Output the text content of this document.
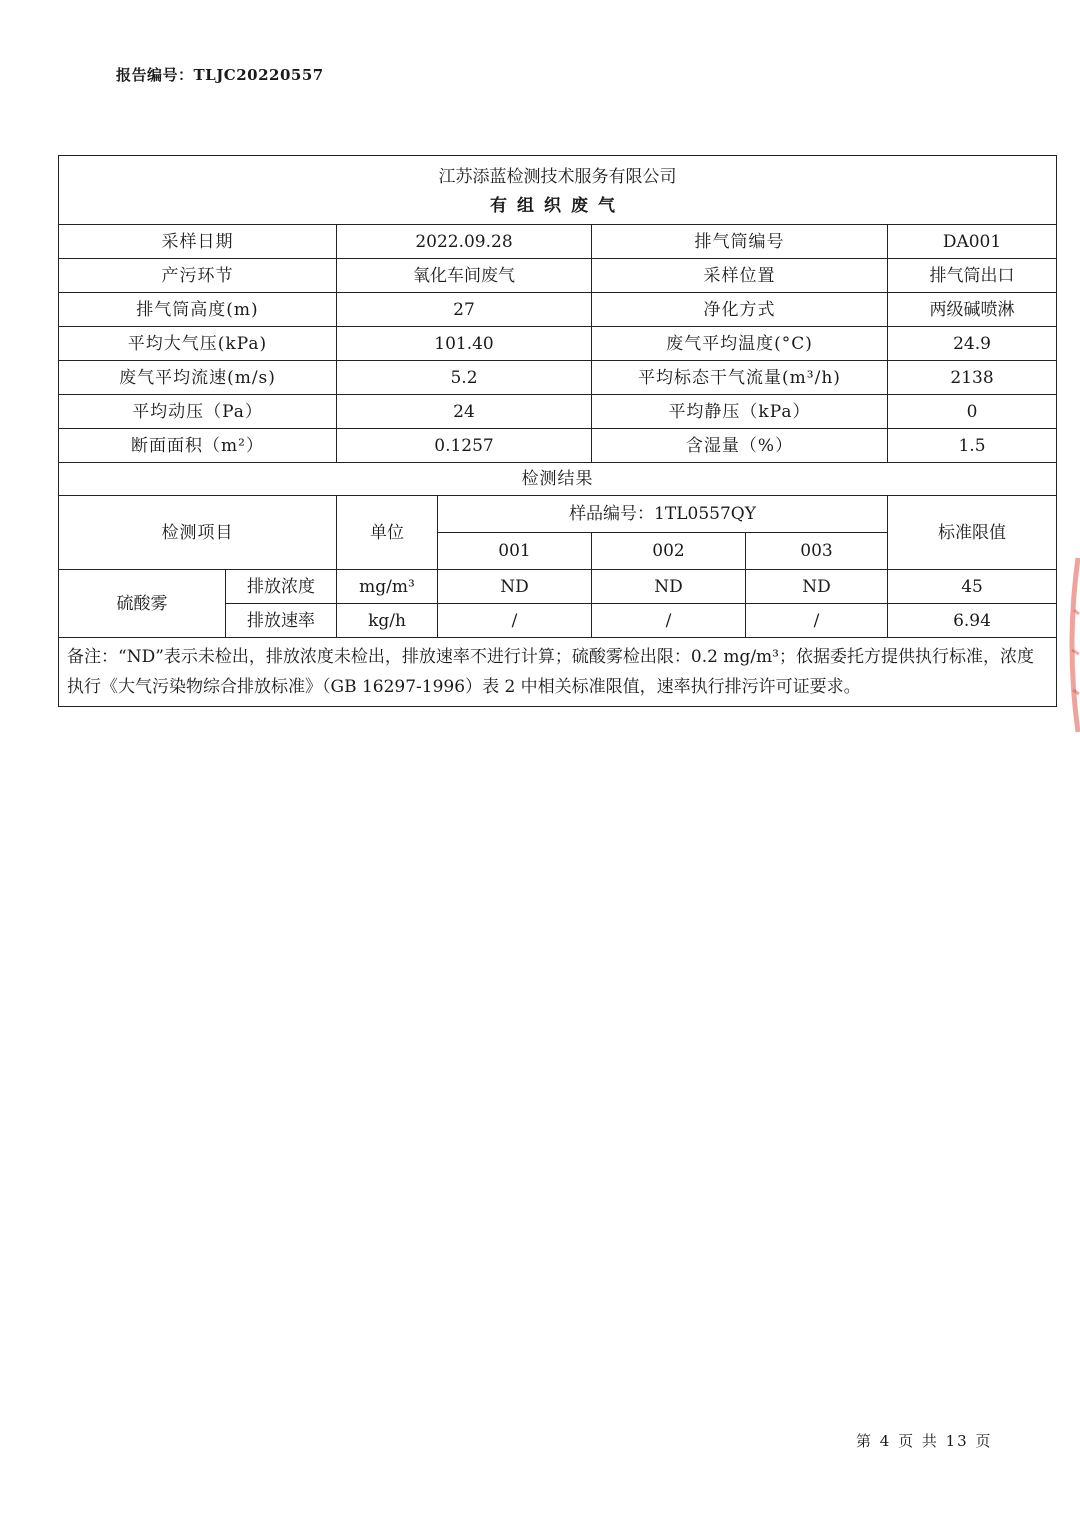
报告编号：TLJC20220557
江苏添蓝检测技术服务有限公司						
有组织废气						
采样日期		2022.09.28		排气筒编号		DA001
产污环节		氧化车间废气		采样位置		排气筒出口
排气筒高度(m)		27		净化方式		两级碱喷淋
平均大气压(kPa)		101.40		废气平均温度(°C)		24.9
废气平均流速(m/s)		5.2		平均标态干气流量(m³/h)		2138
平均动压（Pa）		24		平均静压（kPa）		0
断面面积（m²）		0.1257		含湿量（%）		1.5
检测结果						
检测项目		单位	样品编号：1TL0557QY			标准限值
			001	002	003	
硫酸雾	排放浓度	mg/m³	ND	ND	ND	45
	排放速率	kg/h	/	/	/	6.94
备注：“ND”表示未检出，排放浓度未检出，排放速率不进行计算；硫酸雾检出限：0.2 mg/m³；依据委托方提供执行标准，浓度执行《大气污染物综合排放标准》（GB 16297-1996）表 2 中相关标准限值，速率执行排污许可证要求。						
第 4 页 共 13 页
